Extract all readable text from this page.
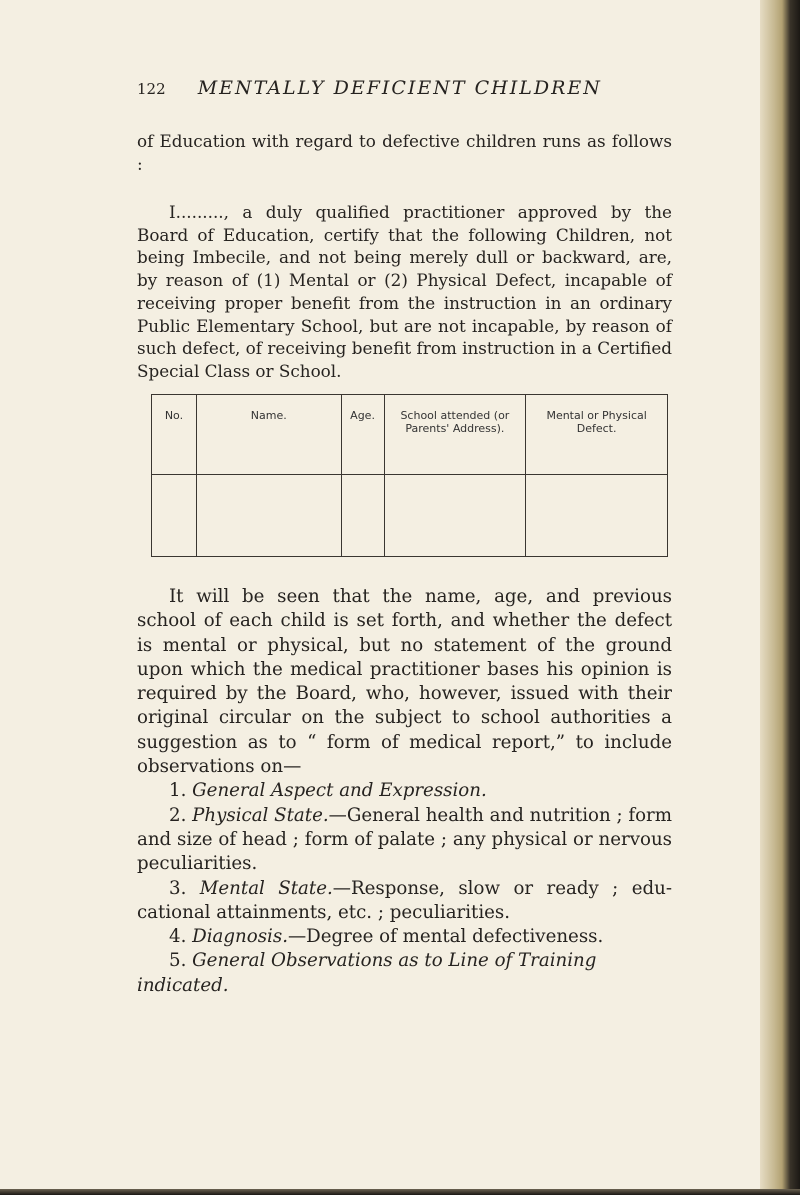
122 MENTALLY DEFICIENT CHILDREN

of Education with regard to defective children runs as follows :

I........., a duly qualified practitioner approved by the Board of Education, certify that the following Children, not being Imbecile, and not being merely dull or backward, are, by reason of (1) Mental or (2) Physical Defect, incapable of receiving proper benefit from the instruction in an ordinary Public Elementary School, but are not incapable, by reason of such defect, of receiving benefit from instruction in a Certified Special Class or School.

No.	Name.	Age.	School attended (or Parents' Address).	Mental or Physical Defect.

It will be seen that the name, age, and previous school of each child is set forth, and whether the defect is mental or physical, but no statement of the ground upon which the medical practitioner bases his opinion is required by the Board, who, however, issued with their original circular on the subject to school authorities a suggestion as to “ form of medical report,” to include observations on—

1. General Aspect and Expression.

2. Physical State.—General health and nutrition ; form and size of head ; form of palate ; any physical or nervous peculiarities.

3. Mental State.—Response, slow or ready ; educational attainments, etc. ; peculiarities.

4. Diagnosis.—Degree of mental defectiveness.

5. General Observations as to Line of Training indicated.
